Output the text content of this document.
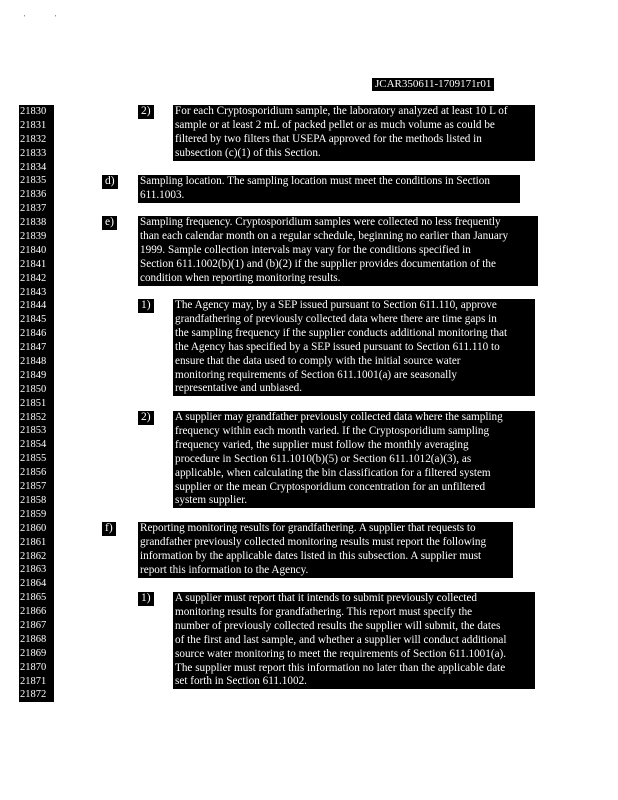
' '
JCAR350611-1709171r01
21830
21831
21832
21833
21834
21835
21836
21837
21838
21839
21840
21841
21842
21843
21844
21845
21846
21847
21848
21849
21850
21851
21852
21853
21854
21855
21856
21857
21858
21859
21860
21861
21862
21863
21864
21865
21866
21867
21868
21869
21870
21871
21872
2) For each Cryptosporidium sample, the laboratory analyzed at least 10 L of
sample or at least 2 mL of packed pellet or as much volume as could be
filtered by two filters that USEPA approved for the methods listed in
subsection (c)(1) of this Section.
d) Sampling location. The sampling location must meet the conditions in Section
611.1003.
e) Sampling frequency. Cryptosporidium samples were collected no less frequently
than each calendar month on a regular schedule, beginning no earlier than January
1999. Sample collection intervals may vary for the conditions specified in
Section 611.1002(b)(1) and (b)(2) if the supplier provides documentation of the
condition when reporting monitoring results.
1) The Agency may, by a SEP issued pursuant to Section 611.110, approve
grandfathering of previously collected data where there are time gaps in
the sampling frequency if the supplier conducts additional monitoring that
the Agency has specified by a SEP issued pursuant to Section 611.110 to
ensure that the data used to comply with the initial source water
monitoring requirements of Section 611.1001(a) are seasonally
representative and unbiased.
2) A supplier may grandfather previously collected data where the sampling
frequency within each month varied. If the Cryptosporidium sampling
frequency varied, the supplier must follow the monthly averaging
procedure in Section 611.1010(b)(5) or Section 611.1012(a)(3), as
applicable, when calculating the bin classification for a filtered system
supplier or the mean Cryptosporidium concentration for an unfiltered
system supplier.
f) Reporting monitoring results for grandfathering. A supplier that requests to
grandfather previously collected monitoring results must report the following
information by the applicable dates listed in this subsection. A supplier must
report this information to the Agency.
1) A supplier must report that it intends to submit previously collected
monitoring results for grandfathering. This report must specify the
number of previously collected results the supplier will submit, the dates
of the first and last sample, and whether a supplier will conduct additional
source water monitoring to meet the requirements of Section 611.1001(a).
The supplier must report this information no later than the applicable date
set forth in Section 611.1002.
